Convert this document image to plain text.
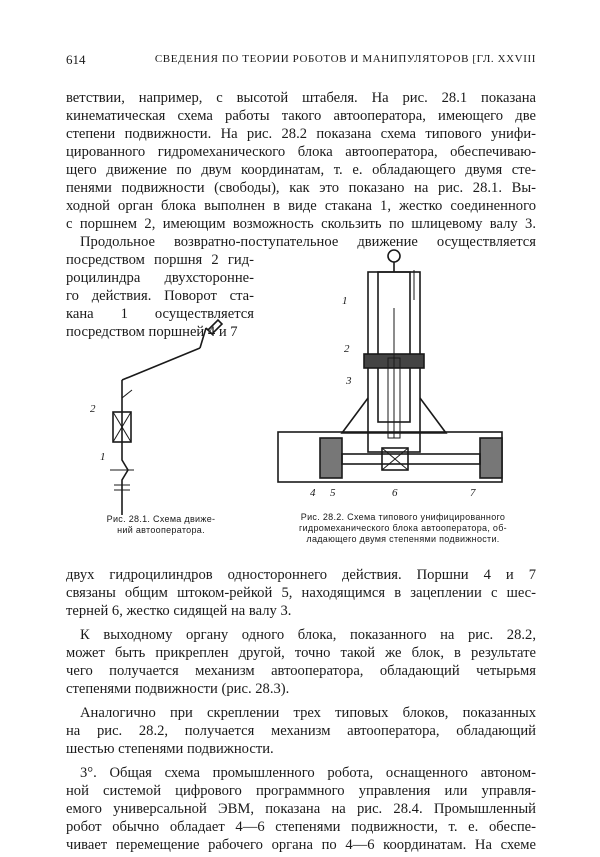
614	СВЕДЕНИЯ ПО ТЕОРИИ РОБОТОВ И МАНИПУЛЯТОРОВ [ГЛ. XXVIII
ветствии, например, с высотой штабеля. На рис. 28.1 показана
кинематическая схема работы такого автооператора, имеющего две
степени подвижности. На рис. 28.2 показана схема типового унифи-
цированного гидромеханического блока автооператора, обеспечиваю-
щего движение по двум координатам, т. е. обладающего двумя сте-
пенями подвижности (свободы), как это показано на рис. 28.1. Вы-
ходной орган блока выполнен в виде стакана 1, жестко соединенного
с поршнем 2, имеющим возможность скользить по шлицевому валу 3.
Продольное возвратно-поступательное движение осуществляется
посредством поршня 2 гид-
роцилиндра двухсторонне-
го действия. Поворот ста-
кана 1 осуществляется
посредством поршней 4 и 7
2
1
Рис. 28.1. Схема движе-
ний автооператора.
1
2
3
4 5	6	7
Рис. 28.2. Схема типового унифицированного
гидромеханического блока автооператора, об-
ладающего двумя степенями подвижности.
двух гидроцилиндров одностороннего действия. Поршни 4 и 7
связаны общим штоком-рейкой 5, находящимся в зацеплении с шес-
терней 6, жестко сидящей на валу 3.
К выходному органу одного блока, показанного на рис. 28.2,
может быть прикреплен другой, точно такой же блок, в результате
чего получается механизм автооператора, обладающий четырьмя
степенями подвижности (рис. 28.3).
Аналогично при скреплении трех типовых блоков, показанных
на рис. 28.2, получается механизм автооператора, обладающий
шестью степенями подвижности.
3°. Общая схема промышленного робота, оснащенного автоном-
ной системой цифрового программного управления или управля-
емого универсальной ЭВМ, показана на рис. 28.4. Промышленный
робот обычно обладает 4—6 степенями подвижности, т. е. обеспе-
чивает перемещение рабочего органа по 4—6 координатам. На схеме
